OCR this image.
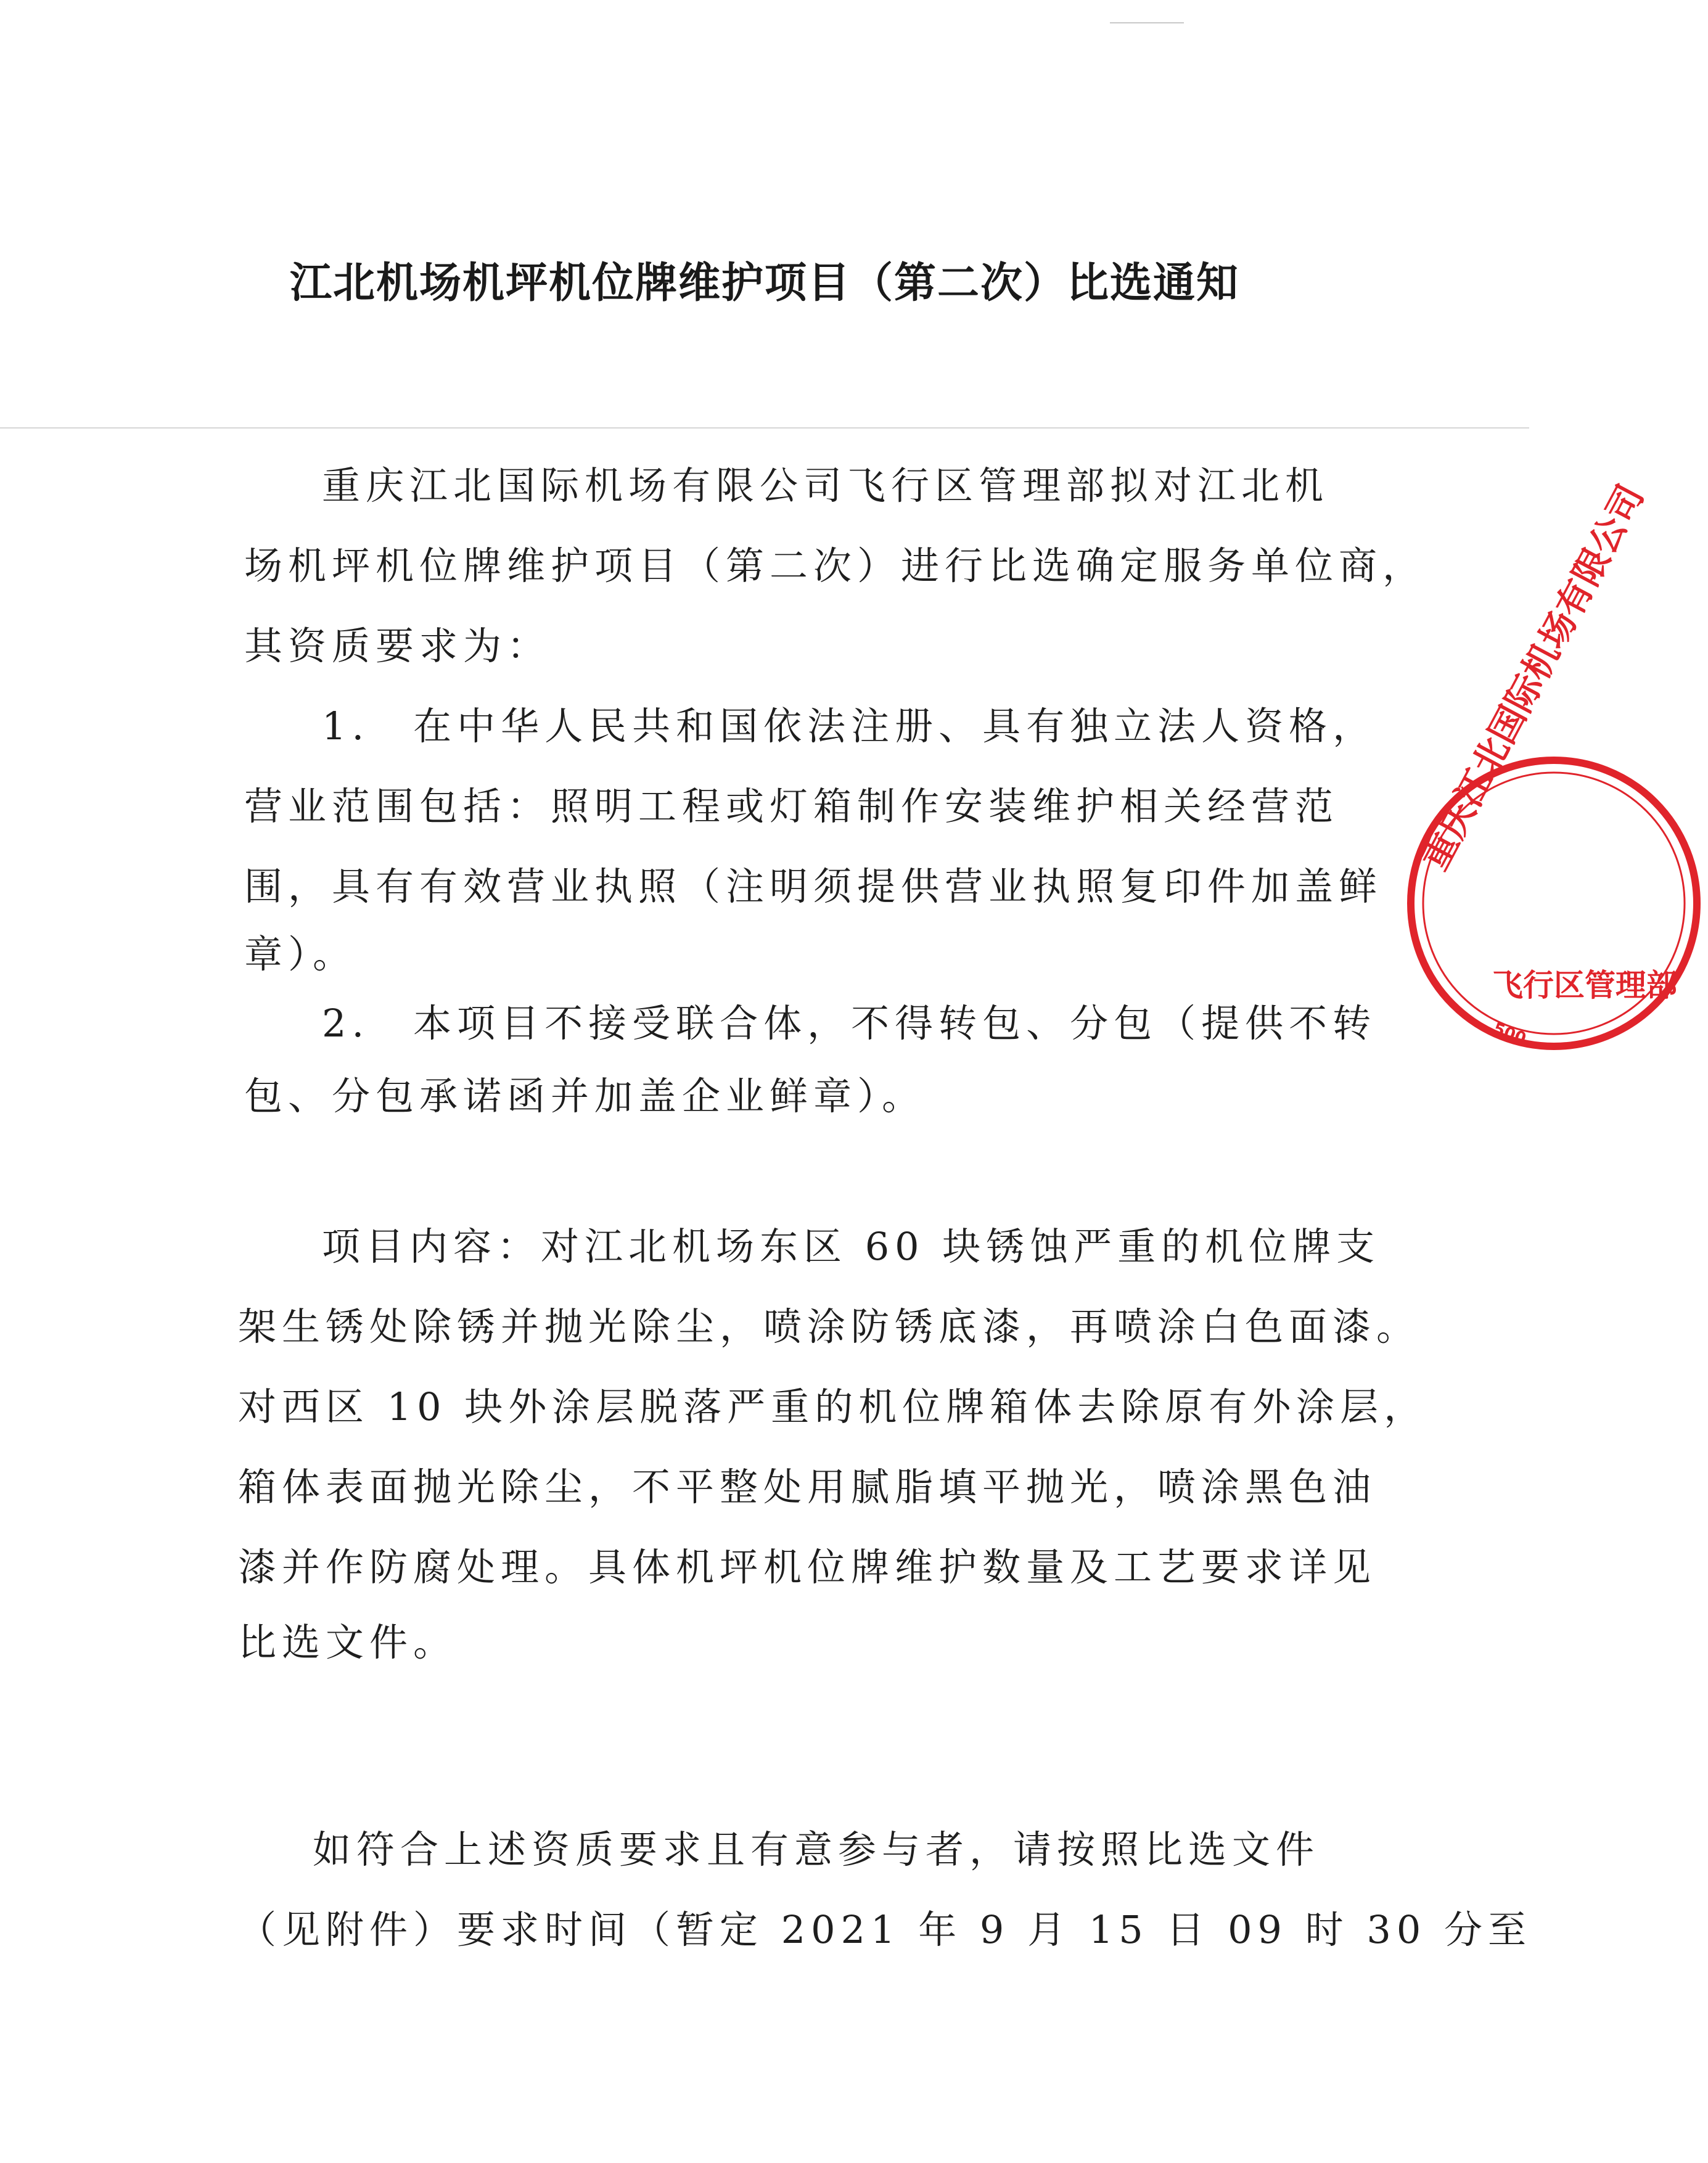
江北机场机坪机位牌维护项目（第二次）比选通知

重庆江北国际机场有限公司飞行区管理部拟对江北机

场机坪机位牌维护项目（第二次）进行比选确定服务单位商，

其资质要求为：

1.　在中华人民共和国依法注册、具有独立法人资格，

营业范围包括：照明工程或灯箱制作安装维护相关经营范

围，具有有效营业执照（注明须提供营业执照复印件加盖鲜

章）。

2.　本项目不接受联合体，不得转包、分包（提供不转

包、分包承诺函并加盖企业鲜章）。

项目内容：对江北机场东区 60 块锈蚀严重的机位牌支

架生锈处除锈并抛光除尘，喷涂防锈底漆，再喷涂白色面漆。

对西区 10 块外涂层脱落严重的机位牌箱体去除原有外涂层，

箱体表面抛光除尘，不平整处用腻脂填平抛光，喷涂黑色油

漆并作防腐处理。具体机坪机位牌维护数量及工艺要求详见

比选文件。

如符合上述资质要求且有意参与者，请按照比选文件

（见附件）要求时间（暂定 2021 年 9 月 15 日 09 时 30 分至

重庆江北国际机场有限公司
飞行区管理部
500
